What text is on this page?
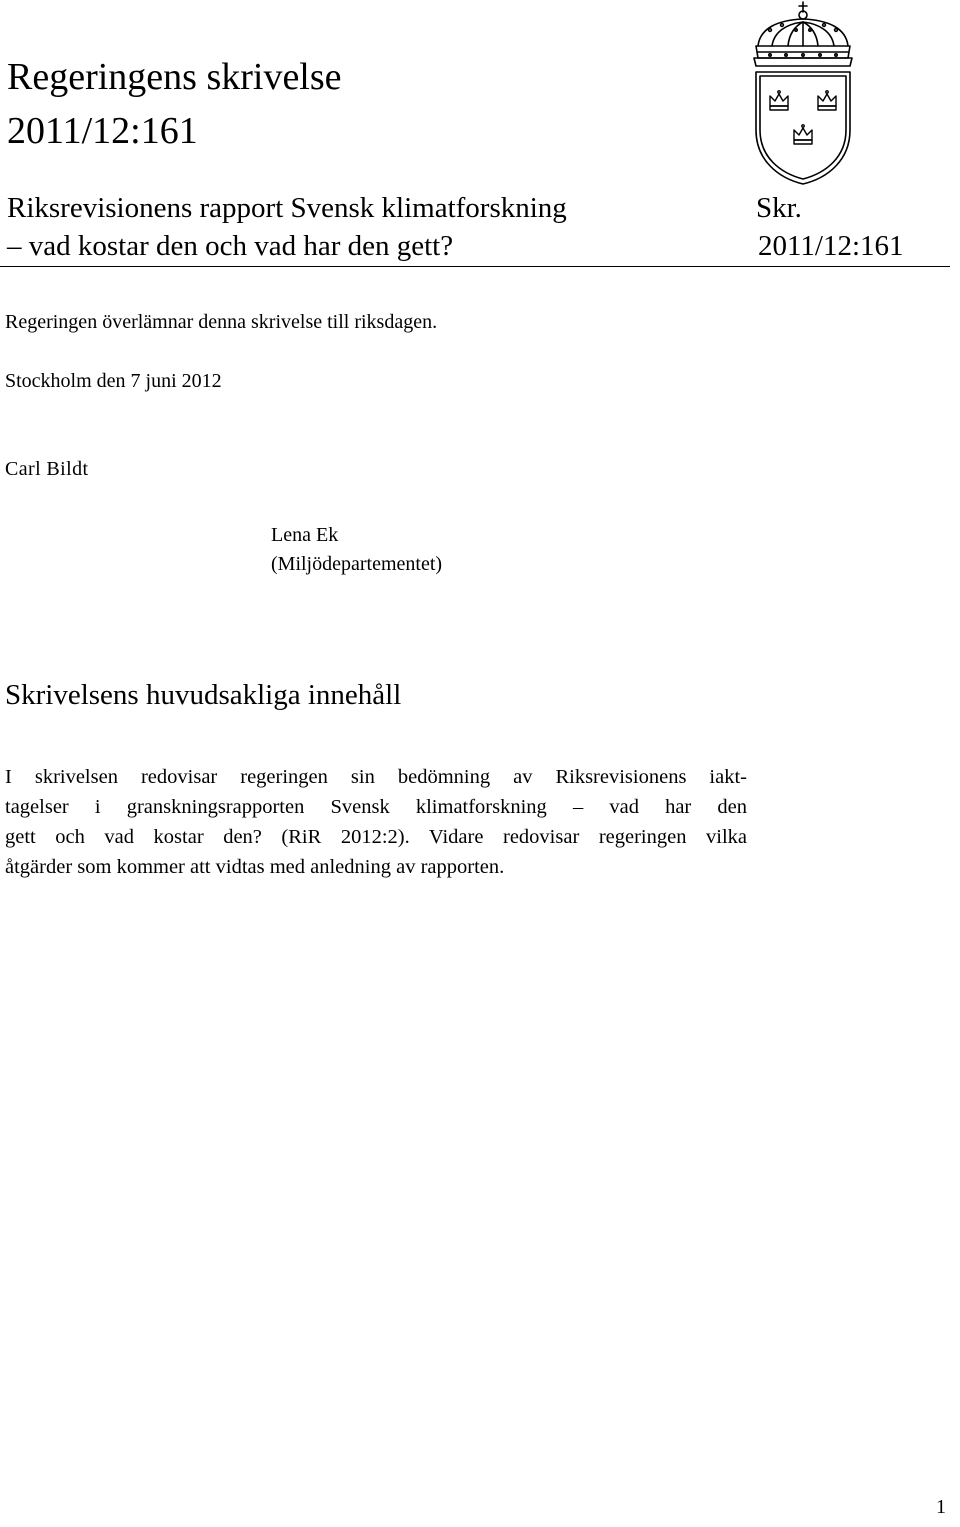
Regeringens skrivelse
2011/12:161
Riksrevisionens rapport Svensk klimatforskning
– vad kostar den och vad har den gett?
Skr.
2011/12:161
Regeringen överlämnar denna skrivelse till riksdagen.
Stockholm den 7 juni 2012
Carl Bildt
Lena Ek
(Miljödepartementet)
Skrivelsens huvudsakliga innehåll

I skrivelsen redovisar regeringen sin bedömning av Riksrevisionens iakt-

tagelser i granskningsrapporten Svensk klimatforskning – vad har den

gett och vad kostar den? (RiR 2012:2). Vidare redovisar regeringen vilka

åtgärder som kommer att vidtas med anledning av rapporten.

1
